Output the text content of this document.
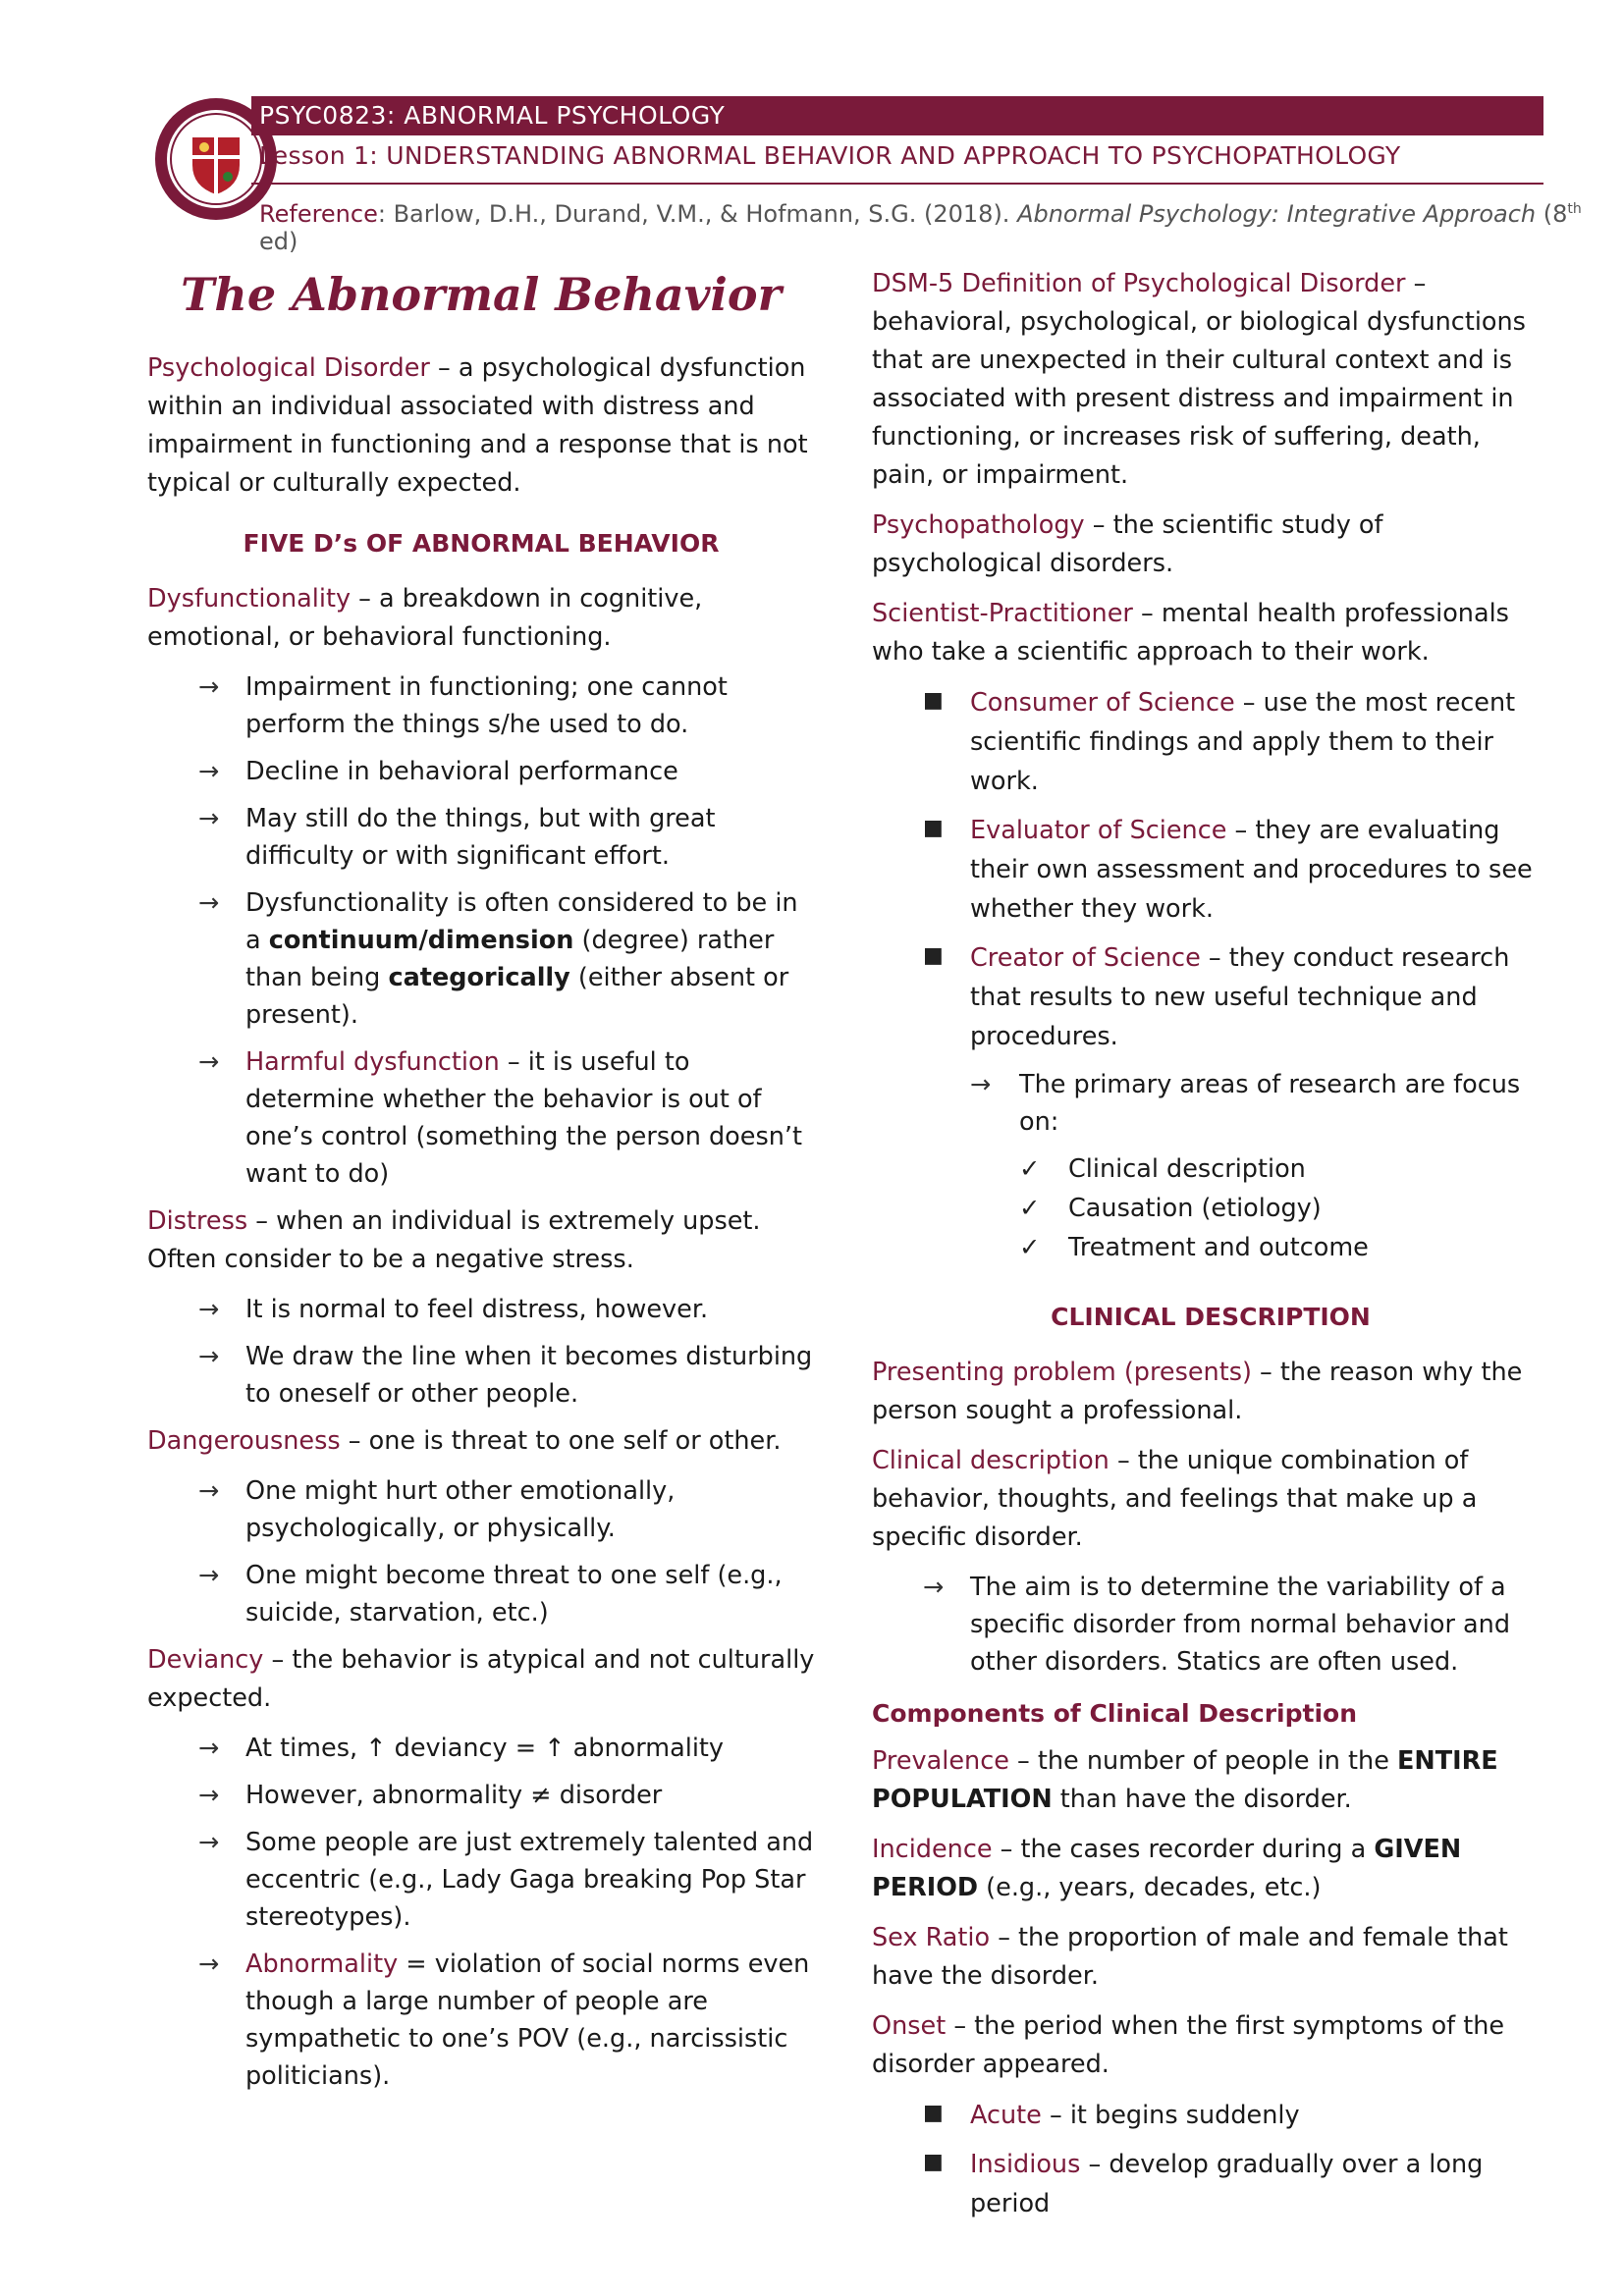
PSYC0823: ABNORMAL PSYCHOLOGY
Lesson 1: UNDERSTANDING ABNORMAL BEHAVIOR AND APPROACH TO PSYCHOPATHOLOGY
Reference: Barlow, D.H., Durand, V.M., & Hofmann, S.G. (2018). Abnormal Psychology: Integrative Approach (8th ed)
The Abnormal Behavior

Psychological Disorder – a psychological dysfunction within an individual associated with distress and impairment in functioning and a response that is not typical or culturally expected.

FIVE D’s OF ABNORMAL BEHAVIOR

Dysfunctionality – a breakdown in cognitive, emotional, or behavioral functioning.

→ Impairment in functioning; one cannot perform the things s/he used to do.
→ Decline in behavioral performance
→ May still do the things, but with great difficulty or with significant effort.
→ Dysfunctionality is often considered to be in a continuum/dimension (degree) rather than being categorically (either absent or present).
→ Harmful dysfunction – it is useful to determine whether the behavior is out of one’s control (something the person doesn’t want to do)

Distress – when an individual is extremely upset. Often consider to be a negative stress.

→ It is normal to feel distress, however.
→ We draw the line when it becomes disturbing to oneself or other people.

Dangerousness – one is threat to one self or other.

→ One might hurt other emotionally, psychologically, or physically.
→ One might become threat to one self (e.g., suicide, starvation, etc.)

Deviancy – the behavior is atypical and not culturally expected.

→ At times, ↑ deviancy = ↑ abnormality
→ However, abnormality ≠ disorder
→ Some people are just extremely talented and eccentric (e.g., Lady Gaga breaking Pop Star stereotypes).
→ Abnormality = violation of social norms even though a large number of people are sympathetic to one’s POV (e.g., narcissistic politicians).

DSM-5 Definition of Psychological Disorder – behavioral, psychological, or biological dysfunctions that are unexpected in their cultural context and is associated with present distress and impairment in functioning, or increases risk of suffering, death, pain, or impairment.

Psychopathology – the scientific study of psychological disorders.

Scientist-Practitioner – mental health professionals who take a scientific approach to their work.

■ Consumer of Science – use the most recent scientific findings and apply them to their work.
■ Evaluator of Science – they are evaluating their own assessment and procedures to see whether they work.
■ Creator of Science – they conduct research that results to new useful technique and procedures.
→ The primary areas of research are focus on:
✓ Clinical description
✓ Causation (etiology)
✓ Treatment and outcome
CLINICAL DESCRIPTION

Presenting problem (presents) – the reason why the person sought a professional.

Clinical description – the unique combination of behavior, thoughts, and feelings that make up a specific disorder.

→ The aim is to determine the variability of a specific disorder from normal behavior and other disorders. Statics are often used.
Components of Clinical Description

Prevalence – the number of people in the ENTIRE POPULATION than have the disorder.

Incidence – the cases recorder during a GIVEN PERIOD (e.g., years, decades, etc.)

Sex Ratio – the proportion of male and female that have the disorder.

Onset – the period when the first symptoms of the disorder appeared.

■ Acute – it begins suddenly
■ Insidious – develop gradually over a long period
